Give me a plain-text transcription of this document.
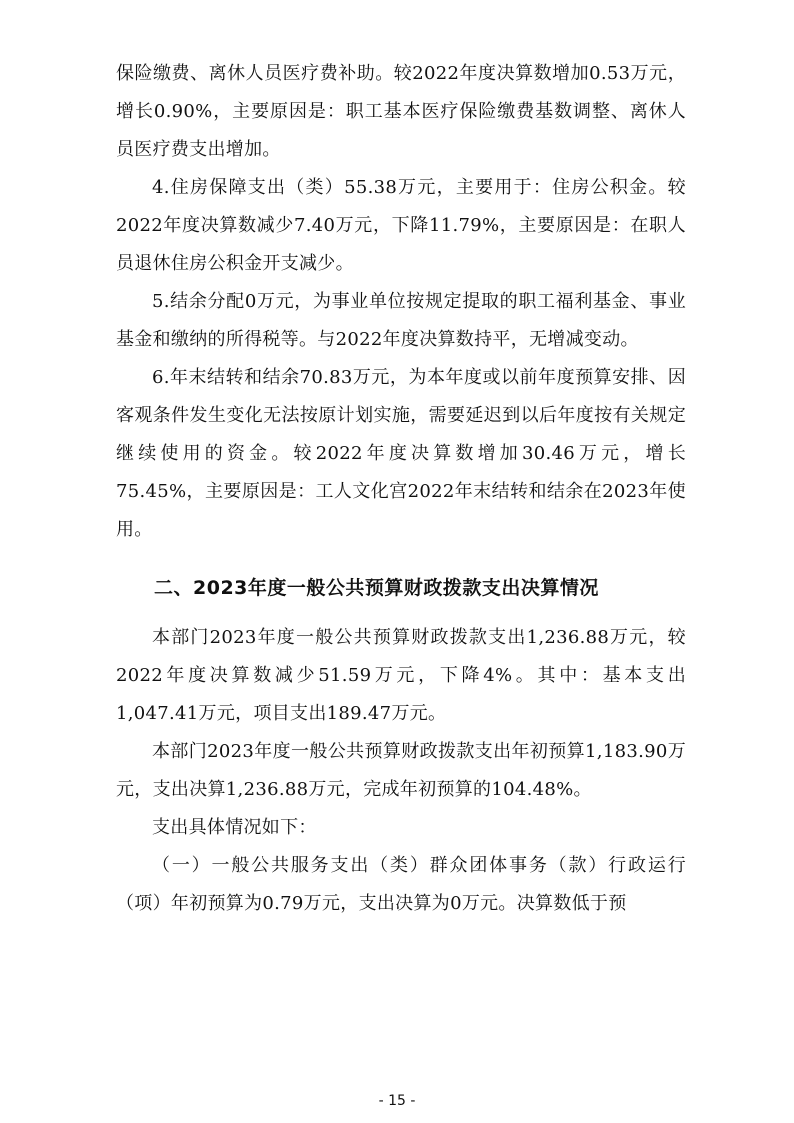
保险缴费、离休人员医疗费补助。较2022年度决算数增加0.53万元，增长0.90%，主要原因是：职工基本医疗保险缴费基数调整、离休人员医疗费支出增加。

4.住房保障支出（类）55.38万元，主要用于：住房公积金。较2022年度决算数减少7.40万元，下降11.79%，主要原因是：在职人员退休住房公积金开支减少。

5.结余分配0万元，为事业单位按规定提取的职工福利基金、事业基金和缴纳的所得税等。与2022年度决算数持平，无增减变动。

6.年末结转和结余70.83万元，为本年度或以前年度预算安排、因客观条件发生变化无法按原计划实施，需要延迟到以后年度按有关规定继续使用的资金。较2022年度决算数增加30.46万元，增长75.45%，主要原因是：工人文化宫2022年末结转和结余在2023年使用。

二、2023年度一般公共预算财政拨款支出决算情况

本部门2023年度一般公共预算财政拨款支出1,236.88万元，较2022年度决算数减少51.59万元，下降4%。其中：基本支出1,047.41万元，项目支出189.47万元。

本部门2023年度一般公共预算财政拨款支出年初预算1,183.90万元，支出决算1,236.88万元，完成年初预算的104.48%。

支出具体情况如下：

（一）一般公共服务支出（类）群众团体事务（款）行政运行（项）年初预算为0.79万元，支出决算为0万元。决算数低于预

- 15 -
